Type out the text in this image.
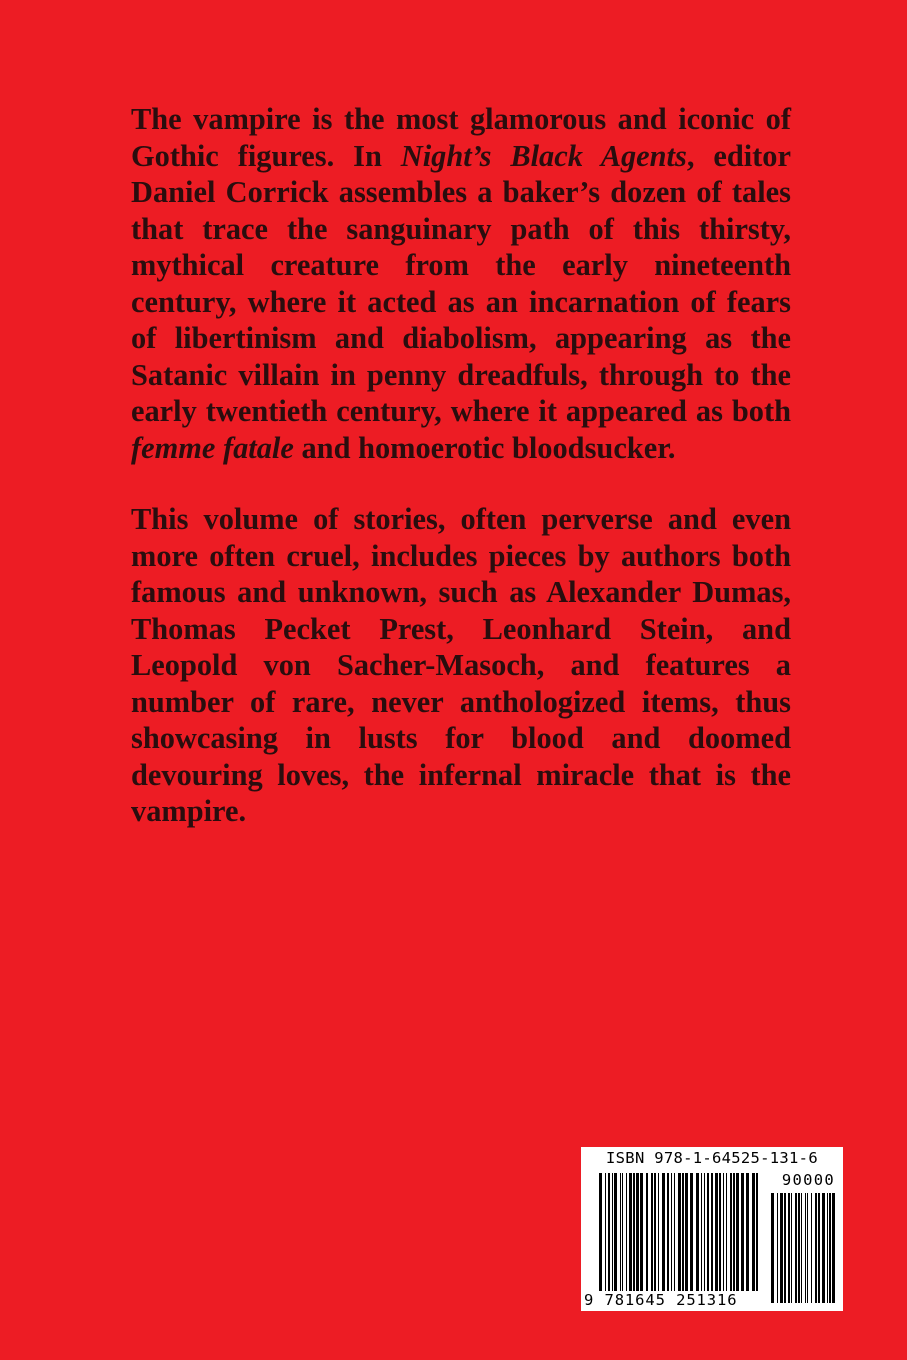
The vampire is the most glamorous and iconic of Gothic figures. In Night’s Black Agents, editor Daniel Corrick assembles a baker’s dozen of tales that trace the sanguinary path of this thirsty, mythical creature from the early nineteenth century, where it acted as an incarnation of fears of libertinism and diabolism, appearing as the Satanic villain in penny dreadfuls, through to the early twentieth century, where it appeared as both femme fatale and homoerotic bloodsucker.

This volume of stories, often perverse and even more often cruel, includes pieces by authors both famous and unknown, such as Alexander Dumas, Thomas Pecket Prest, Leonhard Stein, and Leopold von Sacher-Masoch, and features a number of rare, never anthologized items, thus showcasing in lusts for blood and doomed devouring loves, the infernal miracle that is the vampire.

ISBN 978-1-64525-131-6
90000
9 781645 251316
